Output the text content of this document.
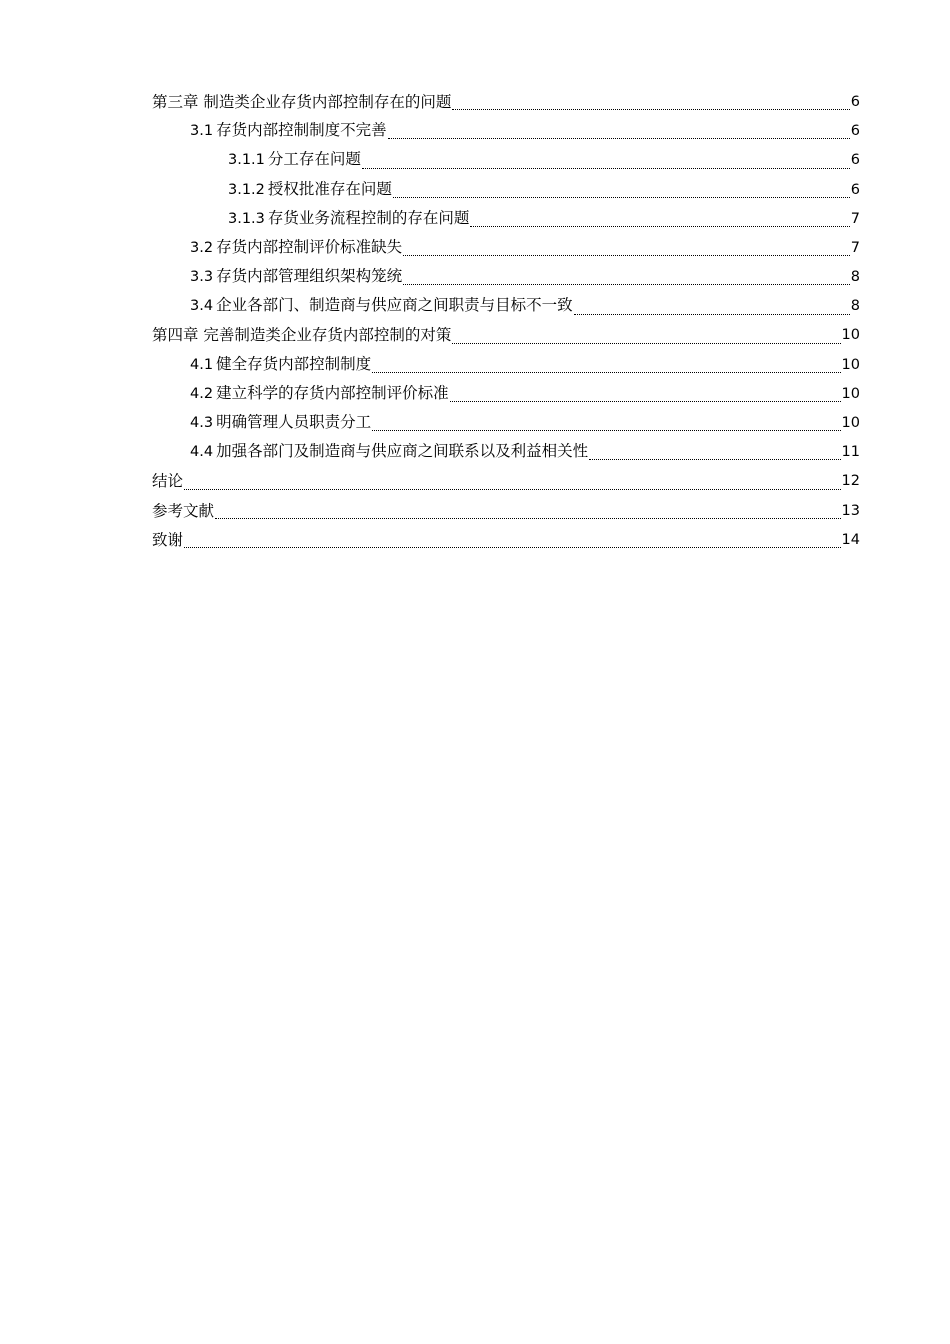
第三章 制造类企业存货内部控制存在的问题	6
3.1 存货内部控制制度不完善	6
3.1.1 分工存在问题	6
3.1.2 授权批准存在问题	6
3.1.3 存货业务流程控制的存在问题	7
3.2 存货内部控制评价标准缺失	7
3.3 存货内部管理组织架构笼统	8
3.4 企业各部门、制造商与供应商之间职责与目标不一致	8
第四章 完善制造类企业存货内部控制的对策	10
4.1 健全存货内部控制制度	10
4.2 建立科学的存货内部控制评价标准	10
4.3 明确管理人员职责分工	10
4.4 加强各部门及制造商与供应商之间联系以及利益相关性	11
结论	12
参考文献	13
致谢	14
